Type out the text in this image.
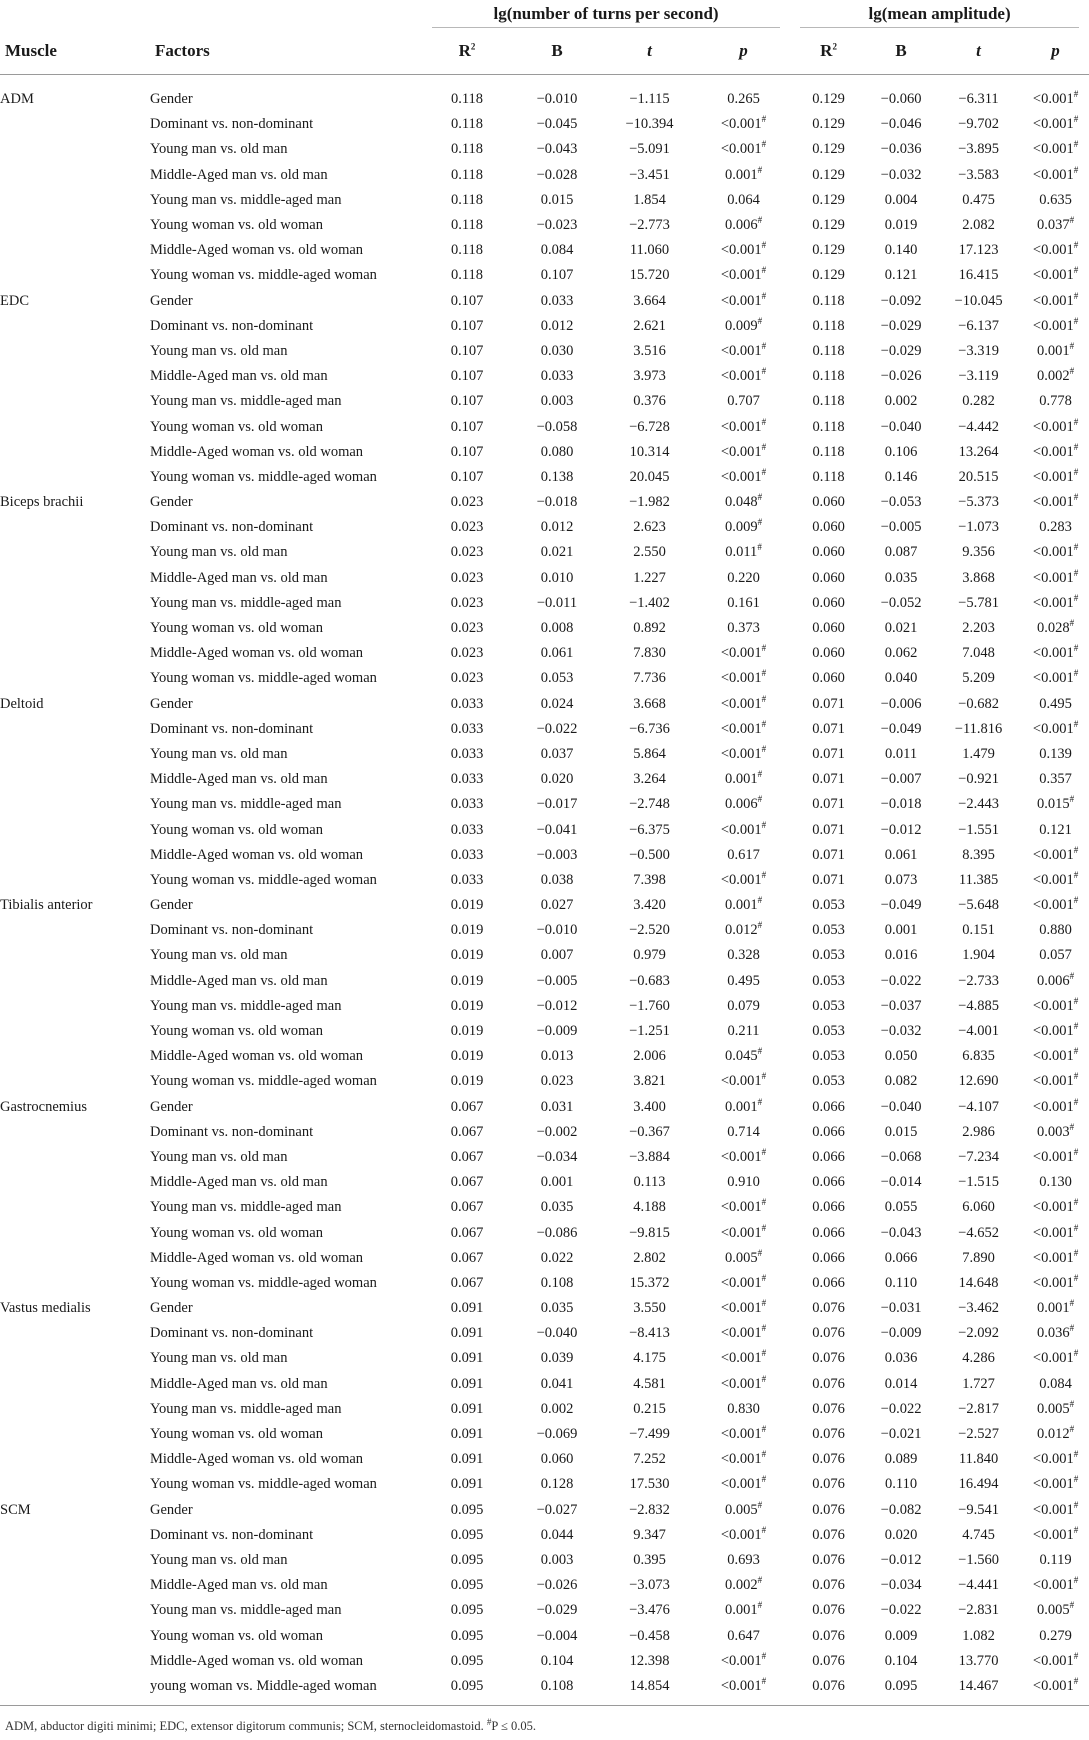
		lg(number of turns per second)				lg(mean amplitude)			
Muscle	Factors	$R^2$	B	t	p	$R^2$	B	t	p

ADM	Gender	0.118	−0.010	−1.115	0.265	0.129	−0.060	−6.311	<0.001#
	Dominant vs. non-dominant	0.118	−0.045	−10.394	<0.001#	0.129	−0.046	−9.702	<0.001#
	Young man vs. old man	0.118	−0.043	−5.091	<0.001#	0.129	−0.036	−3.895	<0.001#
	Middle-Aged man vs. old man	0.118	−0.028	−3.451	0.001#	0.129	−0.032	−3.583	<0.001#
	Young man vs. middle-aged man	0.118	0.015	1.854	0.064	0.129	0.004	0.475	0.635
	Young woman vs. old woman	0.118	−0.023	−2.773	0.006#	0.129	0.019	2.082	0.037#
	Middle-Aged woman vs. old woman	0.118	0.084	11.060	<0.001#	0.129	0.140	17.123	<0.001#
	Young woman vs. middle-aged woman	0.118	0.107	15.720	<0.001#	0.129	0.121	16.415	<0.001#
EDC	Gender	0.107	0.033	3.664	<0.001#	0.118	−0.092	−10.045	<0.001#
	Dominant vs. non-dominant	0.107	0.012	2.621	0.009#	0.118	−0.029	−6.137	<0.001#
	Young man vs. old man	0.107	0.030	3.516	<0.001#	0.118	−0.029	−3.319	0.001#
	Middle-Aged man vs. old man	0.107	0.033	3.973	<0.001#	0.118	−0.026	−3.119	0.002#
	Young man vs. middle-aged man	0.107	0.003	0.376	0.707	0.118	0.002	0.282	0.778
	Young woman vs. old woman	0.107	−0.058	−6.728	<0.001#	0.118	−0.040	−4.442	<0.001#
	Middle-Aged woman vs. old woman	0.107	0.080	10.314	<0.001#	0.118	0.106	13.264	<0.001#
	Young woman vs. middle-aged woman	0.107	0.138	20.045	<0.001#	0.118	0.146	20.515	<0.001#
Biceps brachii	Gender	0.023	−0.018	−1.982	0.048#	0.060	−0.053	−5.373	<0.001#
	Dominant vs. non-dominant	0.023	0.012	2.623	0.009#	0.060	−0.005	−1.073	0.283
	Young man vs. old man	0.023	0.021	2.550	0.011#	0.060	0.087	9.356	<0.001#
	Middle-Aged man vs. old man	0.023	0.010	1.227	0.220	0.060	0.035	3.868	<0.001#
	Young man vs. middle-aged man	0.023	−0.011	−1.402	0.161	0.060	−0.052	−5.781	<0.001#
	Young woman vs. old woman	0.023	0.008	0.892	0.373	0.060	0.021	2.203	0.028#
	Middle-Aged woman vs. old woman	0.023	0.061	7.830	<0.001#	0.060	0.062	7.048	<0.001#
	Young woman vs. middle-aged woman	0.023	0.053	7.736	<0.001#	0.060	0.040	5.209	<0.001#
Deltoid	Gender	0.033	0.024	3.668	<0.001#	0.071	−0.006	−0.682	0.495
	Dominant vs. non-dominant	0.033	−0.022	−6.736	<0.001#	0.071	−0.049	−11.816	<0.001#
	Young man vs. old man	0.033	0.037	5.864	<0.001#	0.071	0.011	1.479	0.139
	Middle-Aged man vs. old man	0.033	0.020	3.264	0.001#	0.071	−0.007	−0.921	0.357
	Young man vs. middle-aged man	0.033	−0.017	−2.748	0.006#	0.071	−0.018	−2.443	0.015#
	Young woman vs. old woman	0.033	−0.041	−6.375	<0.001#	0.071	−0.012	−1.551	0.121
	Middle-Aged woman vs. old woman	0.033	−0.003	−0.500	0.617	0.071	0.061	8.395	<0.001#
	Young woman vs. middle-aged woman	0.033	0.038	7.398	<0.001#	0.071	0.073	11.385	<0.001#
Tibialis anterior	Gender	0.019	0.027	3.420	0.001#	0.053	−0.049	−5.648	<0.001#
	Dominant vs. non-dominant	0.019	−0.010	−2.520	0.012#	0.053	0.001	0.151	0.880
	Young man vs. old man	0.019	0.007	0.979	0.328	0.053	0.016	1.904	0.057
	Middle-Aged man vs. old man	0.019	−0.005	−0.683	0.495	0.053	−0.022	−2.733	0.006#
	Young man vs. middle-aged man	0.019	−0.012	−1.760	0.079	0.053	−0.037	−4.885	<0.001#
	Young woman vs. old woman	0.019	−0.009	−1.251	0.211	0.053	−0.032	−4.001	<0.001#
	Middle-Aged woman vs. old woman	0.019	0.013	2.006	0.045#	0.053	0.050	6.835	<0.001#
	Young woman vs. middle-aged woman	0.019	0.023	3.821	<0.001#	0.053	0.082	12.690	<0.001#
Gastrocnemius	Gender	0.067	0.031	3.400	0.001#	0.066	−0.040	−4.107	<0.001#
	Dominant vs. non-dominant	0.067	−0.002	−0.367	0.714	0.066	0.015	2.986	0.003#
	Young man vs. old man	0.067	−0.034	−3.884	<0.001#	0.066	−0.068	−7.234	<0.001#
	Middle-Aged man vs. old man	0.067	0.001	0.113	0.910	0.066	−0.014	−1.515	0.130
	Young man vs. middle-aged man	0.067	0.035	4.188	<0.001#	0.066	0.055	6.060	<0.001#
	Young woman vs. old woman	0.067	−0.086	−9.815	<0.001#	0.066	−0.043	−4.652	<0.001#
	Middle-Aged woman vs. old woman	0.067	0.022	2.802	0.005#	0.066	0.066	7.890	<0.001#
	Young woman vs. middle-aged woman	0.067	0.108	15.372	<0.001#	0.066	0.110	14.648	<0.001#
Vastus medialis	Gender	0.091	0.035	3.550	<0.001#	0.076	−0.031	−3.462	0.001#
	Dominant vs. non-dominant	0.091	−0.040	−8.413	<0.001#	0.076	−0.009	−2.092	0.036#
	Young man vs. old man	0.091	0.039	4.175	<0.001#	0.076	0.036	4.286	<0.001#
	Middle-Aged man vs. old man	0.091	0.041	4.581	<0.001#	0.076	0.014	1.727	0.084
	Young man vs. middle-aged man	0.091	0.002	0.215	0.830	0.076	−0.022	−2.817	0.005#
	Young woman vs. old woman	0.091	−0.069	−7.499	<0.001#	0.076	−0.021	−2.527	0.012#
	Middle-Aged woman vs. old woman	0.091	0.060	7.252	<0.001#	0.076	0.089	11.840	<0.001#
	Young woman vs. middle-aged woman	0.091	0.128	17.530	<0.001#	0.076	0.110	16.494	<0.001#
SCM	Gender	0.095	−0.027	−2.832	0.005#	0.076	−0.082	−9.541	<0.001#
	Dominant vs. non-dominant	0.095	0.044	9.347	<0.001#	0.076	0.020	4.745	<0.001#
	Young man vs. old man	0.095	0.003	0.395	0.693	0.076	−0.012	−1.560	0.119
	Middle-Aged man vs. old man	0.095	−0.026	−3.073	0.002#	0.076	−0.034	−4.441	<0.001#
	Young man vs. middle-aged man	0.095	−0.029	−3.476	0.001#	0.076	−0.022	−2.831	0.005#
	Young woman vs. old woman	0.095	−0.004	−0.458	0.647	0.076	0.009	1.082	0.279
	Middle-Aged woman vs. old woman	0.095	0.104	12.398	<0.001#	0.076	0.104	13.770	<0.001#
	young woman vs. Middle-aged woman	0.095	0.108	14.854	<0.001#	0.076	0.095	14.467	<0.001#

ADM, abductor digiti minimi; EDC, extensor digitorum communis; SCM, sternocleidomastoid. #P ≤ 0.05.
